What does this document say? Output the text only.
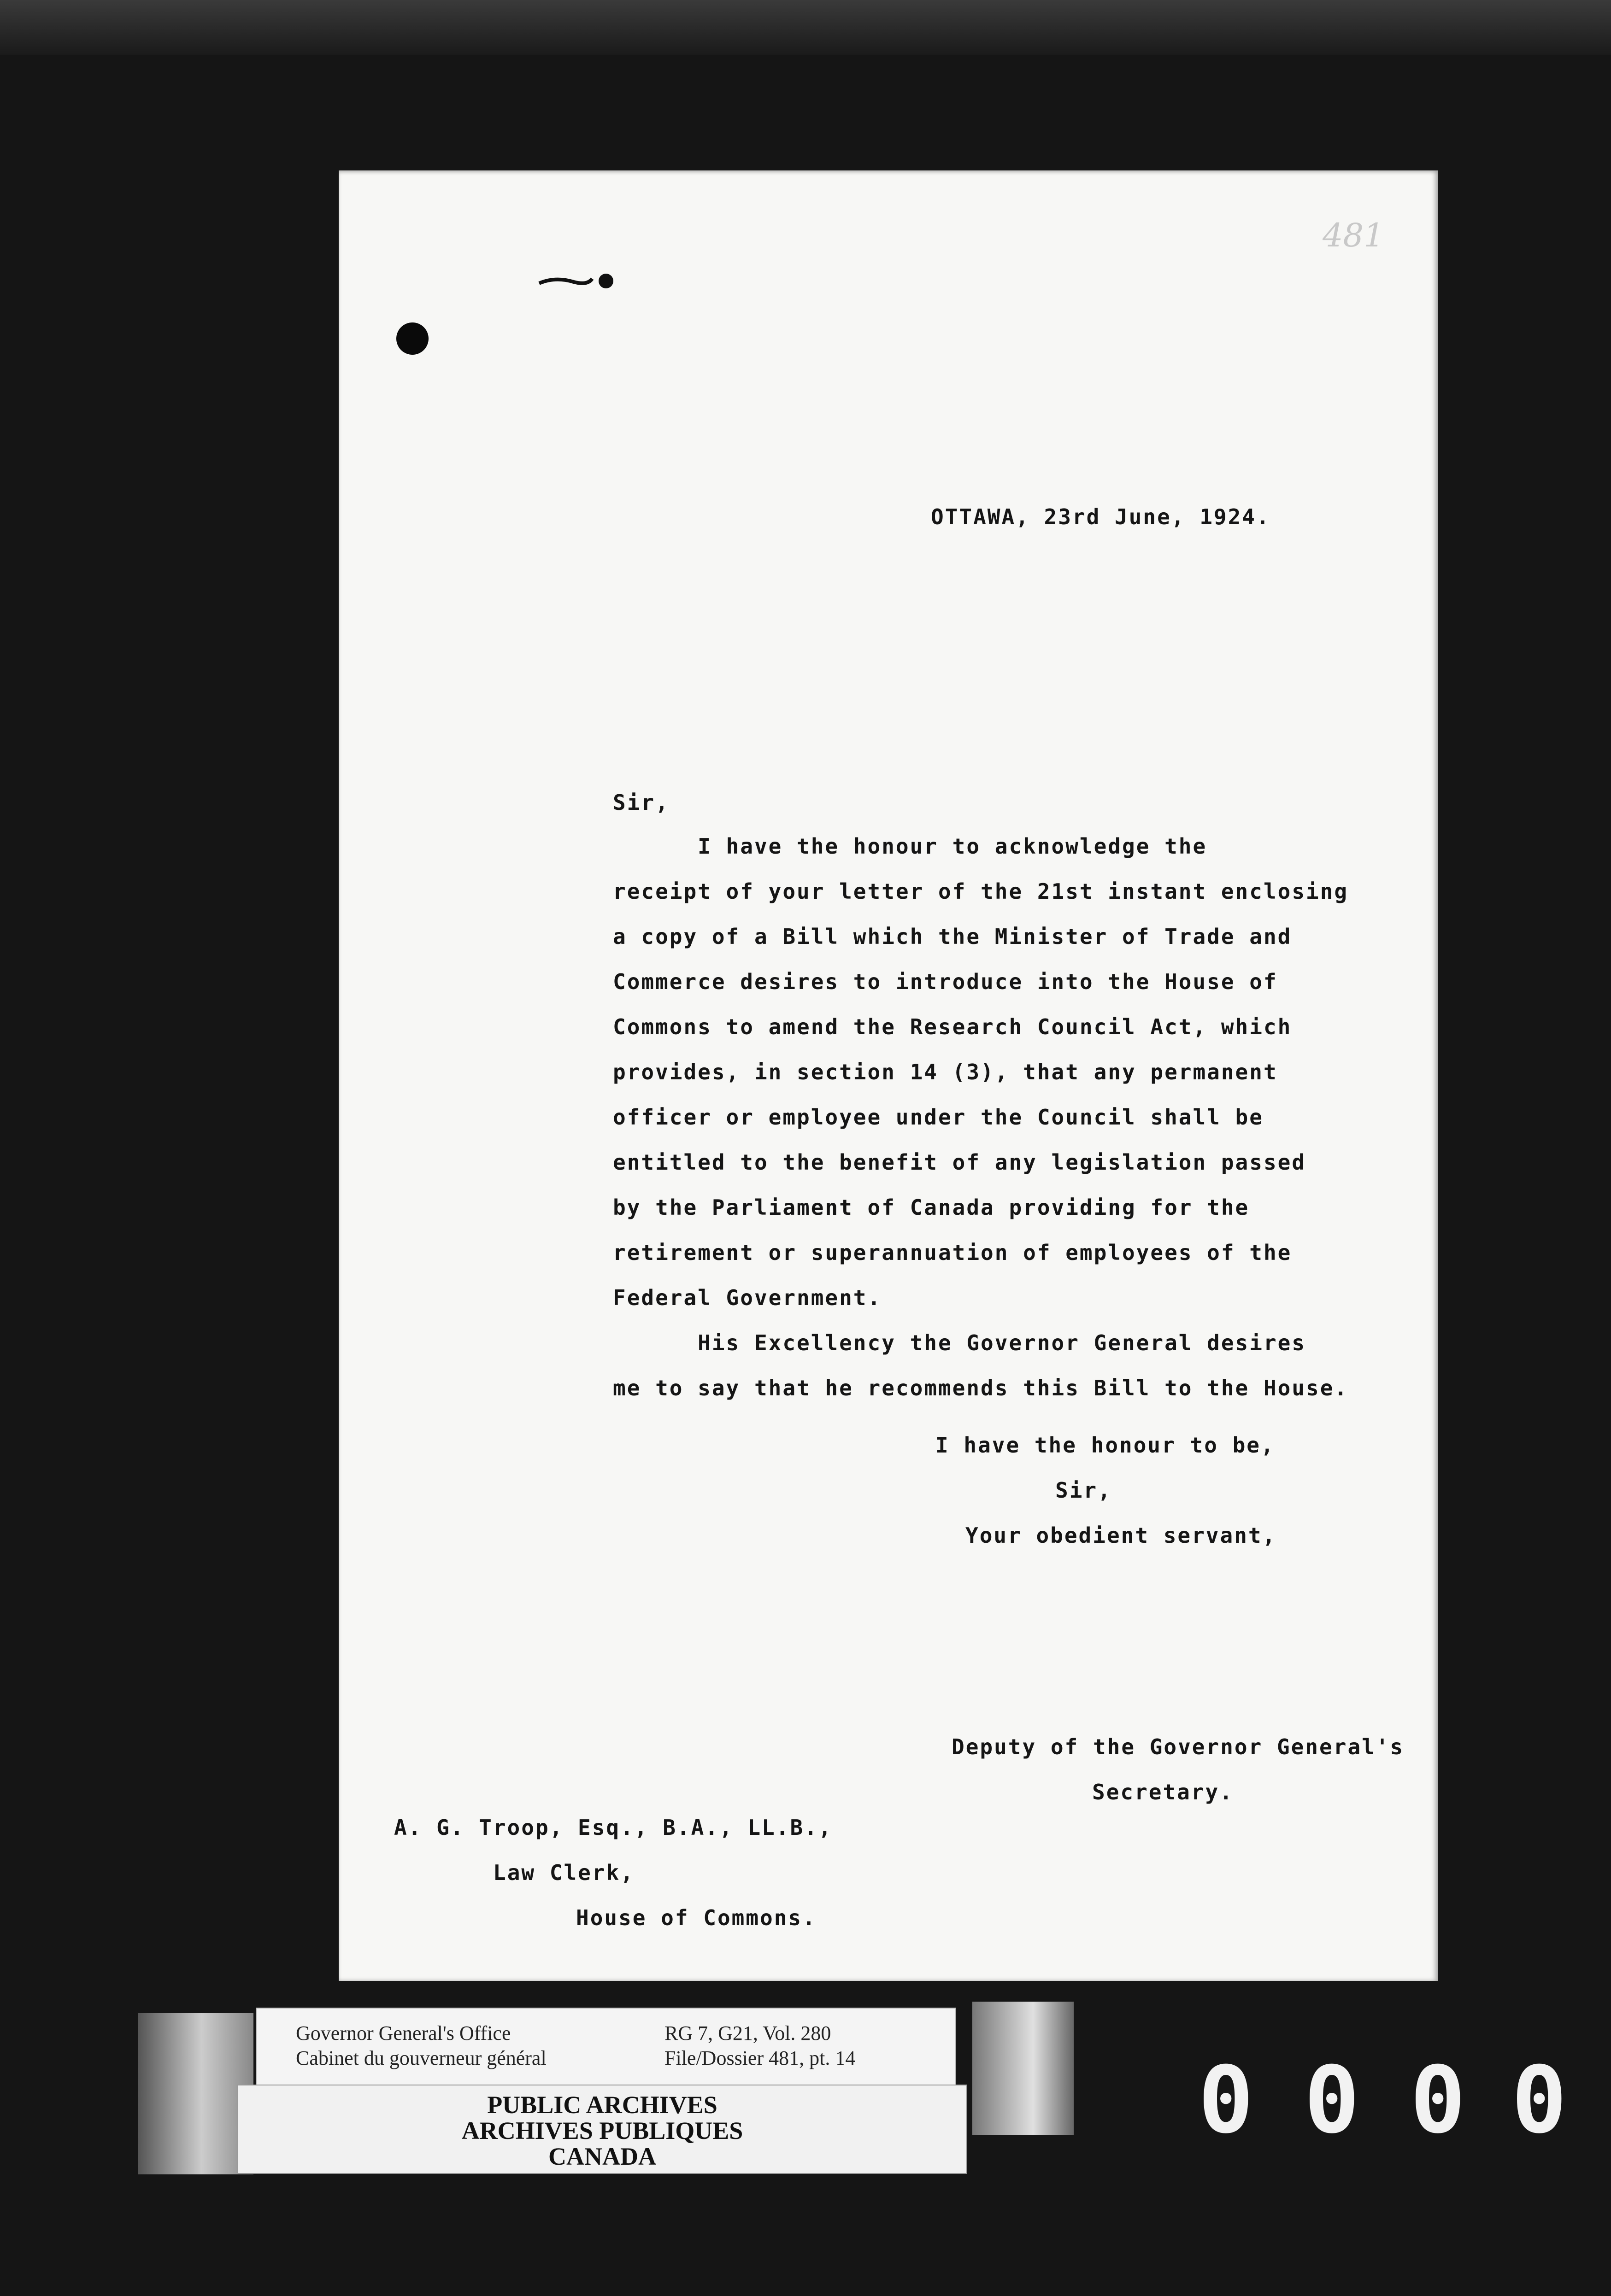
481
OTTAWA, 23rd June, 1924.
Sir,
I have the honour to acknowledge the
receipt of your letter of the 21st instant enclosing
a copy of a Bill which the Minister of Trade and
Commerce desires to introduce into the House of
Commons to amend the Research Council Act, which
provides, in section 14 (3), that any permanent
officer or employee under the Council shall be
entitled to the benefit of any legislation passed
by the Parliament of Canada providing for the
retirement or superannuation of employees of the
Federal Government.
His Excellency the Governor General desires
me to say that he recommends this Bill to the House.
I have the honour to be,
Sir,
Your obedient servant,
Deputy of the Governor General's
Secretary.
A. G. Troop, Esq., B.A., LL.B.,
Law Clerk,
House of Commons.
Governor General's Office
Cabinet du gouverneur général
RG 7, G21, Vol. 280
File/Dossier 481, pt. 14
PUBLIC ARCHIVES
ARCHIVES PUBLIQUES
CANADA
0 0 0 0
